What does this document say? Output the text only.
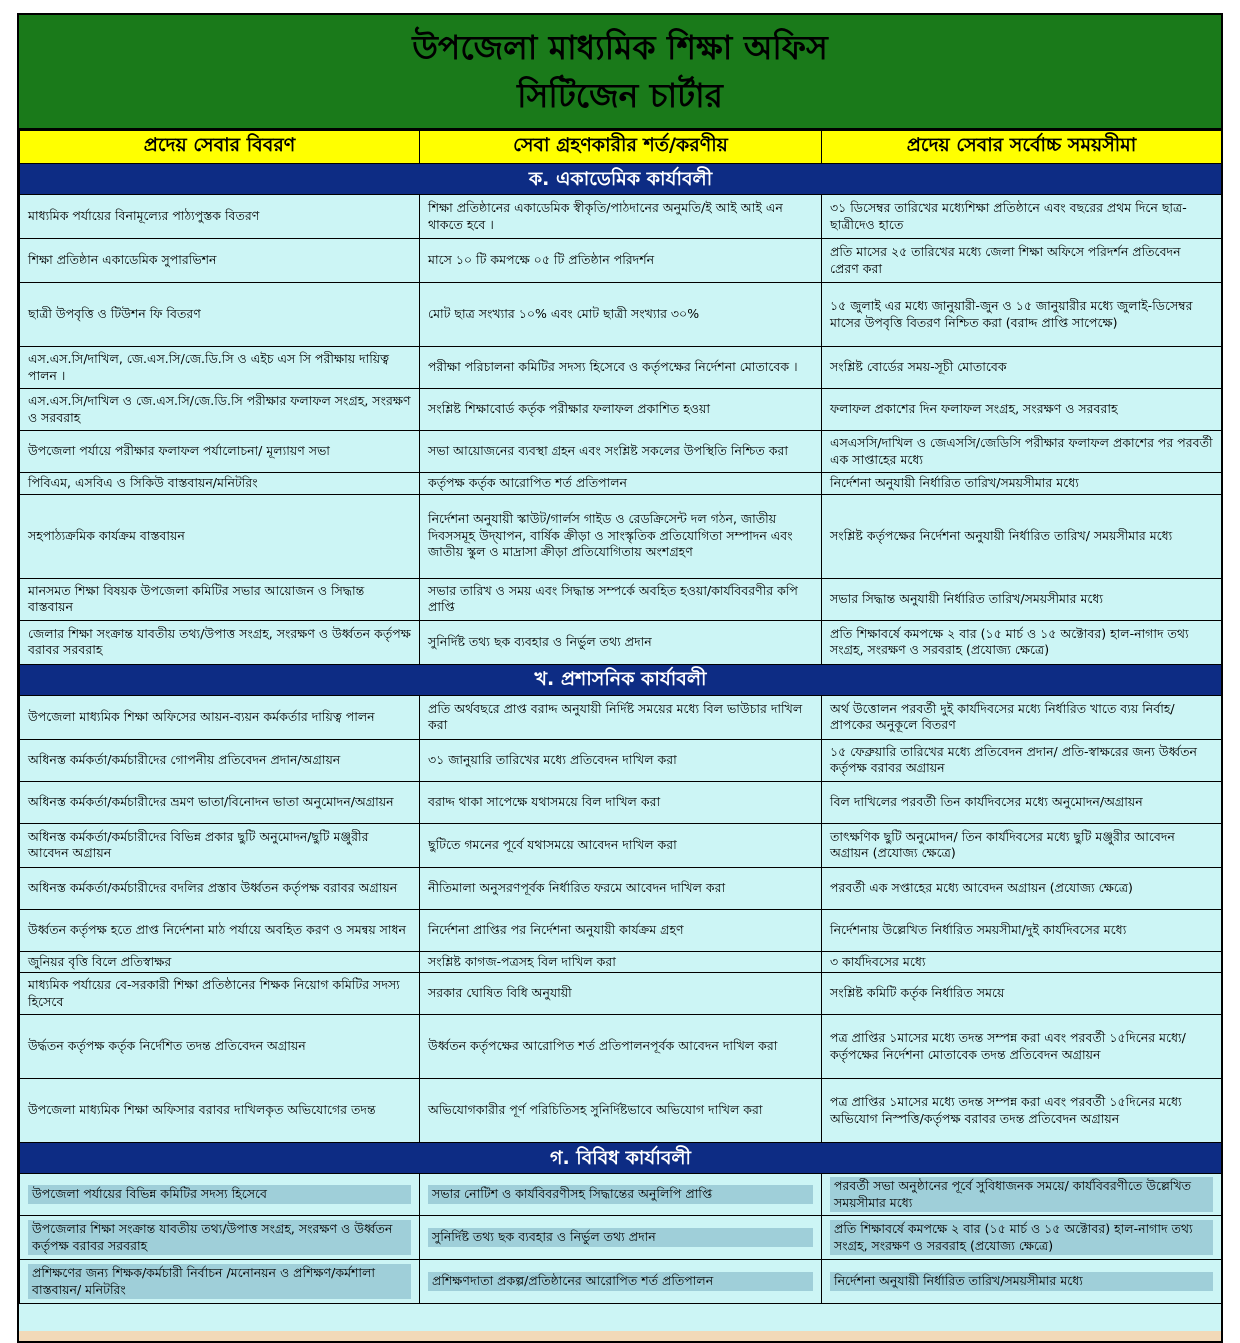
উপজেলা মাধ্যমিক শিক্ষা অফিস
সিটিজেন চার্টার
প্রদেয় সেবার বিবরণ	সেবা গ্রহণকারীর শর্ত/করণীয়	প্রদেয় সেবার সর্বোচ্চ সময়সীমা
ক. একাডেমিক কার্যাবলী		
মাধ্যমিক পর্যায়ের বিনামূল্যের পাঠ্যপুস্তক বিতরণ	শিক্ষা প্রতিষ্ঠানের একাডেমিক স্বীকৃতি/পাঠদানের অনুমতি/ই আই আই এন থাকতে হবে ।	৩১ ডিসেম্বর তারিখের মধ্যেশিক্ষা প্রতিষ্ঠানে এবং বছরের প্রথম দিনে ছাত্র-ছাত্রীদেও হাতে
শিক্ষা প্রতিষ্ঠান একাডেমিক সুপারভিশন	মাসে ১০ টি কমপক্ষে ০৫ টি প্রতিষ্ঠান পরিদর্শন	প্রতি মাসের ২৫ তারিখের মধ্যে জেলা শিক্ষা অফিসে পরিদর্শন প্রতিবেদন প্রেরণ করা
ছাত্রী উপবৃত্তি ও টিউশন ফি বিতরণ	মোট ছাত্র সংখ্যার ১০% এবং মোট ছাত্রী সংখ্যার ৩০%	১৫ জুলাই এর মধ্যে জানুয়ারী-জুন ও ১৫ জানুয়ারীর মধ্যে জুলাই-ডিসেম্বর মাসের উপবৃত্তি বিতরণ নিশ্চিত করা (বরাদ্দ প্রাপ্তি সাপেক্ষে)
এস.এস.সি/দাখিল, জে.এস.সি/জে.ডি.সি ও এইচ এস সি পরীক্ষায় দায়িত্ব পালন ।	পরীক্ষা পরিচালনা কমিটির সদস্য হিসেবে ও কর্তৃপক্ষের নির্দেশনা মোতাবেক ।	সংশ্লিষ্ট বোর্ডের সময়-সূচী মোতাবেক
এস.এস.সি/দাখিল ও জে.এস.সি/জে.ডি.সি পরীক্ষার ফলাফল সংগ্রহ, সংরক্ষণ ও সরবরাহ	সংশ্লিষ্ট শিক্ষাবোর্ড কর্তৃক পরীক্ষার ফলাফল প্রকাশিত হওয়া	ফলাফল প্রকাশের দিন ফলাফল সংগ্রহ, সংরক্ষণ ও সরবরাহ
উপজেলা পর্যায়ে পরীক্ষার ফলাফল পর্যালোচনা/ মূল্যায়ণ সভা	সভা আয়োজনের ব্যবস্থা গ্রহন এবং সংশ্লিষ্ট সকলের উপস্থিতি নিশ্চিত করা	এসএসসি/দাখিল ও জেএসসি/জেডিসি পরীক্ষার ফলাফল প্রকাশের পর পরবর্তী এক সাপ্তাহের মধ্যে
পিবিএম, এসবিএ ও সিকিউ বাস্তবায়ন/মনিটরিং	কর্তৃপক্ষ কর্তৃক আরোপিত শর্ত প্রতিপালন	নির্দেশনা অনুযায়ী নির্ধারিত তারিখ/সময়সীমার মধ্যে
সহপাঠ্যক্রমিক কার্যক্রম বাস্তবায়ন	নির্দেশনা অনুযায়ী স্কাউট/গার্লস গাইড ও রেডক্রিসেন্ট দল গঠন, জাতীয় দিবসসমূহ উদ্‌যাপন, বার্ষিক ক্রীড়া ও সাংস্কৃতিক প্রতিযোগিতা সম্পাদন এবং জাতীয় স্কুল ও মাদ্রাসা ক্রীড়া প্রতিযোগিতায় অংশগ্রহণ	সংশ্লিষ্ট কর্তৃপক্ষের নির্দেশনা অনুযায়ী নির্ধারিত তারিখ/ সময়সীমার মধ্যে
মানসমত শিক্ষা বিষয়ক উপজেলা কমিটির সভার আয়োজন ও সিদ্ধান্ত বাস্তবায়ন	সভার তারিখ ও সময় এবং সিদ্ধান্ত সম্পর্কে অবহিত হওয়া/কার্যবিবরণীর কপি প্রাপ্তি	সভার সিদ্ধান্ত অনুযায়ী নির্ধারিত তারিখ/সময়সীমার মধ্যে
জেলার শিক্ষা সংক্রান্ত যাবতীয় তথ্য/উপাত্ত সংগ্রহ, সংরক্ষণ ও উর্ধ্বতন কর্তৃপক্ষ বরাবর সরবরাহ	সুনির্দিষ্ট তথ্য ছক ব্যবহার ও নির্ভুল তথ্য প্রদান	প্রতি শিক্ষাবর্ষে কমপক্ষে ২ বার (১৫ মার্চ ও ১৫ অক্টোবর) হাল-নাগাদ তথ্য সংগ্রহ, সংরক্ষণ ও সরবরাহ (প্রযোজ্য ক্ষেত্রে)
খ. প্রশাসনিক কার্যাবলী		
উপজেলা মাধ্যমিক শিক্ষা অফিসের আয়ন-ব্যয়ন কর্মকর্তার দায়িত্ব পালন	প্রতি অর্থবছরে প্রাপ্ত বরাদ্দ অনুযায়ী নির্দিষ্ট সময়ের মধ্যে বিল ভাউচার দাখিল করা	অর্থ উত্তোলন পরবর্তী দুই কার্যদিবসের মধ্যে নির্ধারিত খাতে ব্যয় নির্বাহ/ প্রাপকের অনুকূলে বিতরণ
অধিনস্ত কর্মকর্তা/কর্মচারীদের গোপনীয় প্রতিবেদন প্রদান/অগ্রায়ন	৩১ জানুয়ারি তারিখের মধ্যে প্রতিবেদন দাখিল করা	১৫ ফেব্রুয়ারি তারিখের মধ্যে প্রতিবেদন প্রদান/ প্রতি-স্বাক্ষরের জন্য উর্ধ্বতন কর্তৃপক্ষ বরাবর অগ্রায়ন
অধিনস্ত কর্মকর্তা/কর্মচারীদের ভ্রমণ ভাতা/বিনোদন ভাতা অনুমোদন/অগ্রায়ন	বরাদ্দ থাকা সাপেক্ষে যথাসময়ে বিল দাখিল করা	বিল দাখিলের পরবর্তী তিন কার্যদিবসের মধ্যে অনুমোদন/অগ্রায়ন
অধিনস্ত কর্মকর্তা/কর্মচারীদের বিভিন্ন প্রকার ছুটি অনুমোদন/ছুটি মঞ্জুরীর আবেদন অগ্রায়ন	ছুটিতে গমনের পূর্বে যথাসময়ে আবেদন দাখিল করা	তাৎক্ষণিক ছুটি অনুমোদন/ তিন কার্যদিবসের মধ্যে ছুটি মঞ্জুরীর আবেদন অগ্রায়ন (প্রযোজ্য ক্ষেত্রে)
অধিনস্ত কর্মকর্তা/কর্মচারীদের বদলির প্রস্তাব উর্ধ্বতন কর্তৃপক্ষ বরাবর অগ্রায়ন	নীতিমালা অনুসরণপূর্বক নির্ধারিত ফরমে আবেদন দাখিল করা	পরবর্তী এক সপ্তাহের মধ্যে আবেদন অগ্রায়ন (প্রযোজ্য ক্ষেত্রে)
উর্ধ্বতন কর্তৃপক্ষ হতে প্রাপ্ত নির্দেশনা মাঠ পর্যায়ে অবহিত করণ ও সমন্বয় সাধন	নির্দেশনা প্রাপ্তির পর নির্দেশনা অনুযায়ী কার্যক্রম গ্রহণ	নির্দেশনায় উল্লেখিত নির্ধারিত সময়সীমা/দুই কার্যদিবসের মধ্যে
জুনিয়র বৃত্তি বিলে প্রতিস্বাক্ষর	সংশ্লিষ্ট কাগজ-পত্রসহ বিল দাখিল করা	৩ কার্যদিবসের মধ্যে
মাধ্যমিক পর্যায়ের বে-সরকারী শিক্ষা প্রতিষ্ঠানের শিক্ষক নিয়োগ কমিটির সদস্য হিসেবে	সরকার ঘোষিত বিধি অনুযায়ী	সংশ্লিষ্ট কমিটি কর্তৃক নির্ধারিত সময়ে
উর্দ্ধতন কর্তৃপক্ষ কর্তৃক নির্দেশিত তদন্ত প্রতিবেদন অগ্রায়ন	উর্ধ্বতন কর্তৃপক্ষের আরোপিত শর্ত প্রতিপালনপূর্বক আবেদন দাখিল করা	পত্র প্রাপ্তির ১মাসের মধ্যে তদন্ত সম্পন্ন করা এবং পরবর্তী ১৫দিনের মধ্যে/কর্তৃপক্ষের নির্দেশনা মোতাবেক তদন্ত প্রতিবেদন অগ্রায়ন
উপজেলা মাধ্যমিক শিক্ষা অফিসার বরাবর দাখিলকৃত অভিযোগের তদন্ত	অভিযোগকারীর পূর্ণ পরিচিতিসহ সুনির্দিষ্টভাবে অভিযোগ দাখিল করা	পত্র প্রাপ্তির ১মাসের মধ্যে তদন্ত সম্পন্ন করা এবং পরবর্তী ১৫দিনের মধ্যে অভিযোগ নিস্পত্তি/কর্তৃপক্ষ বরাবর তদন্ত প্রতিবেদন অগ্রায়ন
গ. বিবিধ কার্যাবলী		

উপজেলা পর্যায়ের বিভিন্ন কমিটির সদস্য হিসেবে	সভার নোটিশ ও কার্যবিবরণীসহ সিদ্ধান্তের অনুলিপি প্রাপ্তি	পরবর্তী সভা অনুষ্ঠানের পূর্বে সুবিধাজনক সময়ে/ কার্যবিবরণীতে উল্লেখিত সময়সীমার মধ্যে

উপজেলার শিক্ষা সংক্রান্ত যাবতীয় তথ্য/উপাত্ত সংগ্রহ, সংরক্ষণ ও উর্ধ্বতন কর্তৃপক্ষ বরাবর সরবরাহ	সুনির্দিষ্ট তথ্য ছক ব্যবহার ও নির্ভুল তথ্য প্রদান	প্রতি শিক্ষাবর্ষে কমপক্ষে ২ বার (১৫ মার্চ ও ১৫ অক্টোবর) হাল-নাগাদ তথ্য সংগ্রহ, সংরক্ষণ ও সরবরাহ (প্রযোজ্য ক্ষেত্রে)

প্রশিক্ষণের জন্য শিক্ষক/কর্মচারী নির্বাচন /মনোনয়ন ও প্রশিক্ষণ/কর্মশালা বাস্তবায়ন/ মনিটরিং	প্রশিক্ষণদাতা প্রকল্প/প্রতিষ্ঠানের আরোপিত শর্ত প্রতিপালন	নির্দেশনা অনুযায়ী নির্ধারিত তারিখ/সময়সীমার মধ্যে
